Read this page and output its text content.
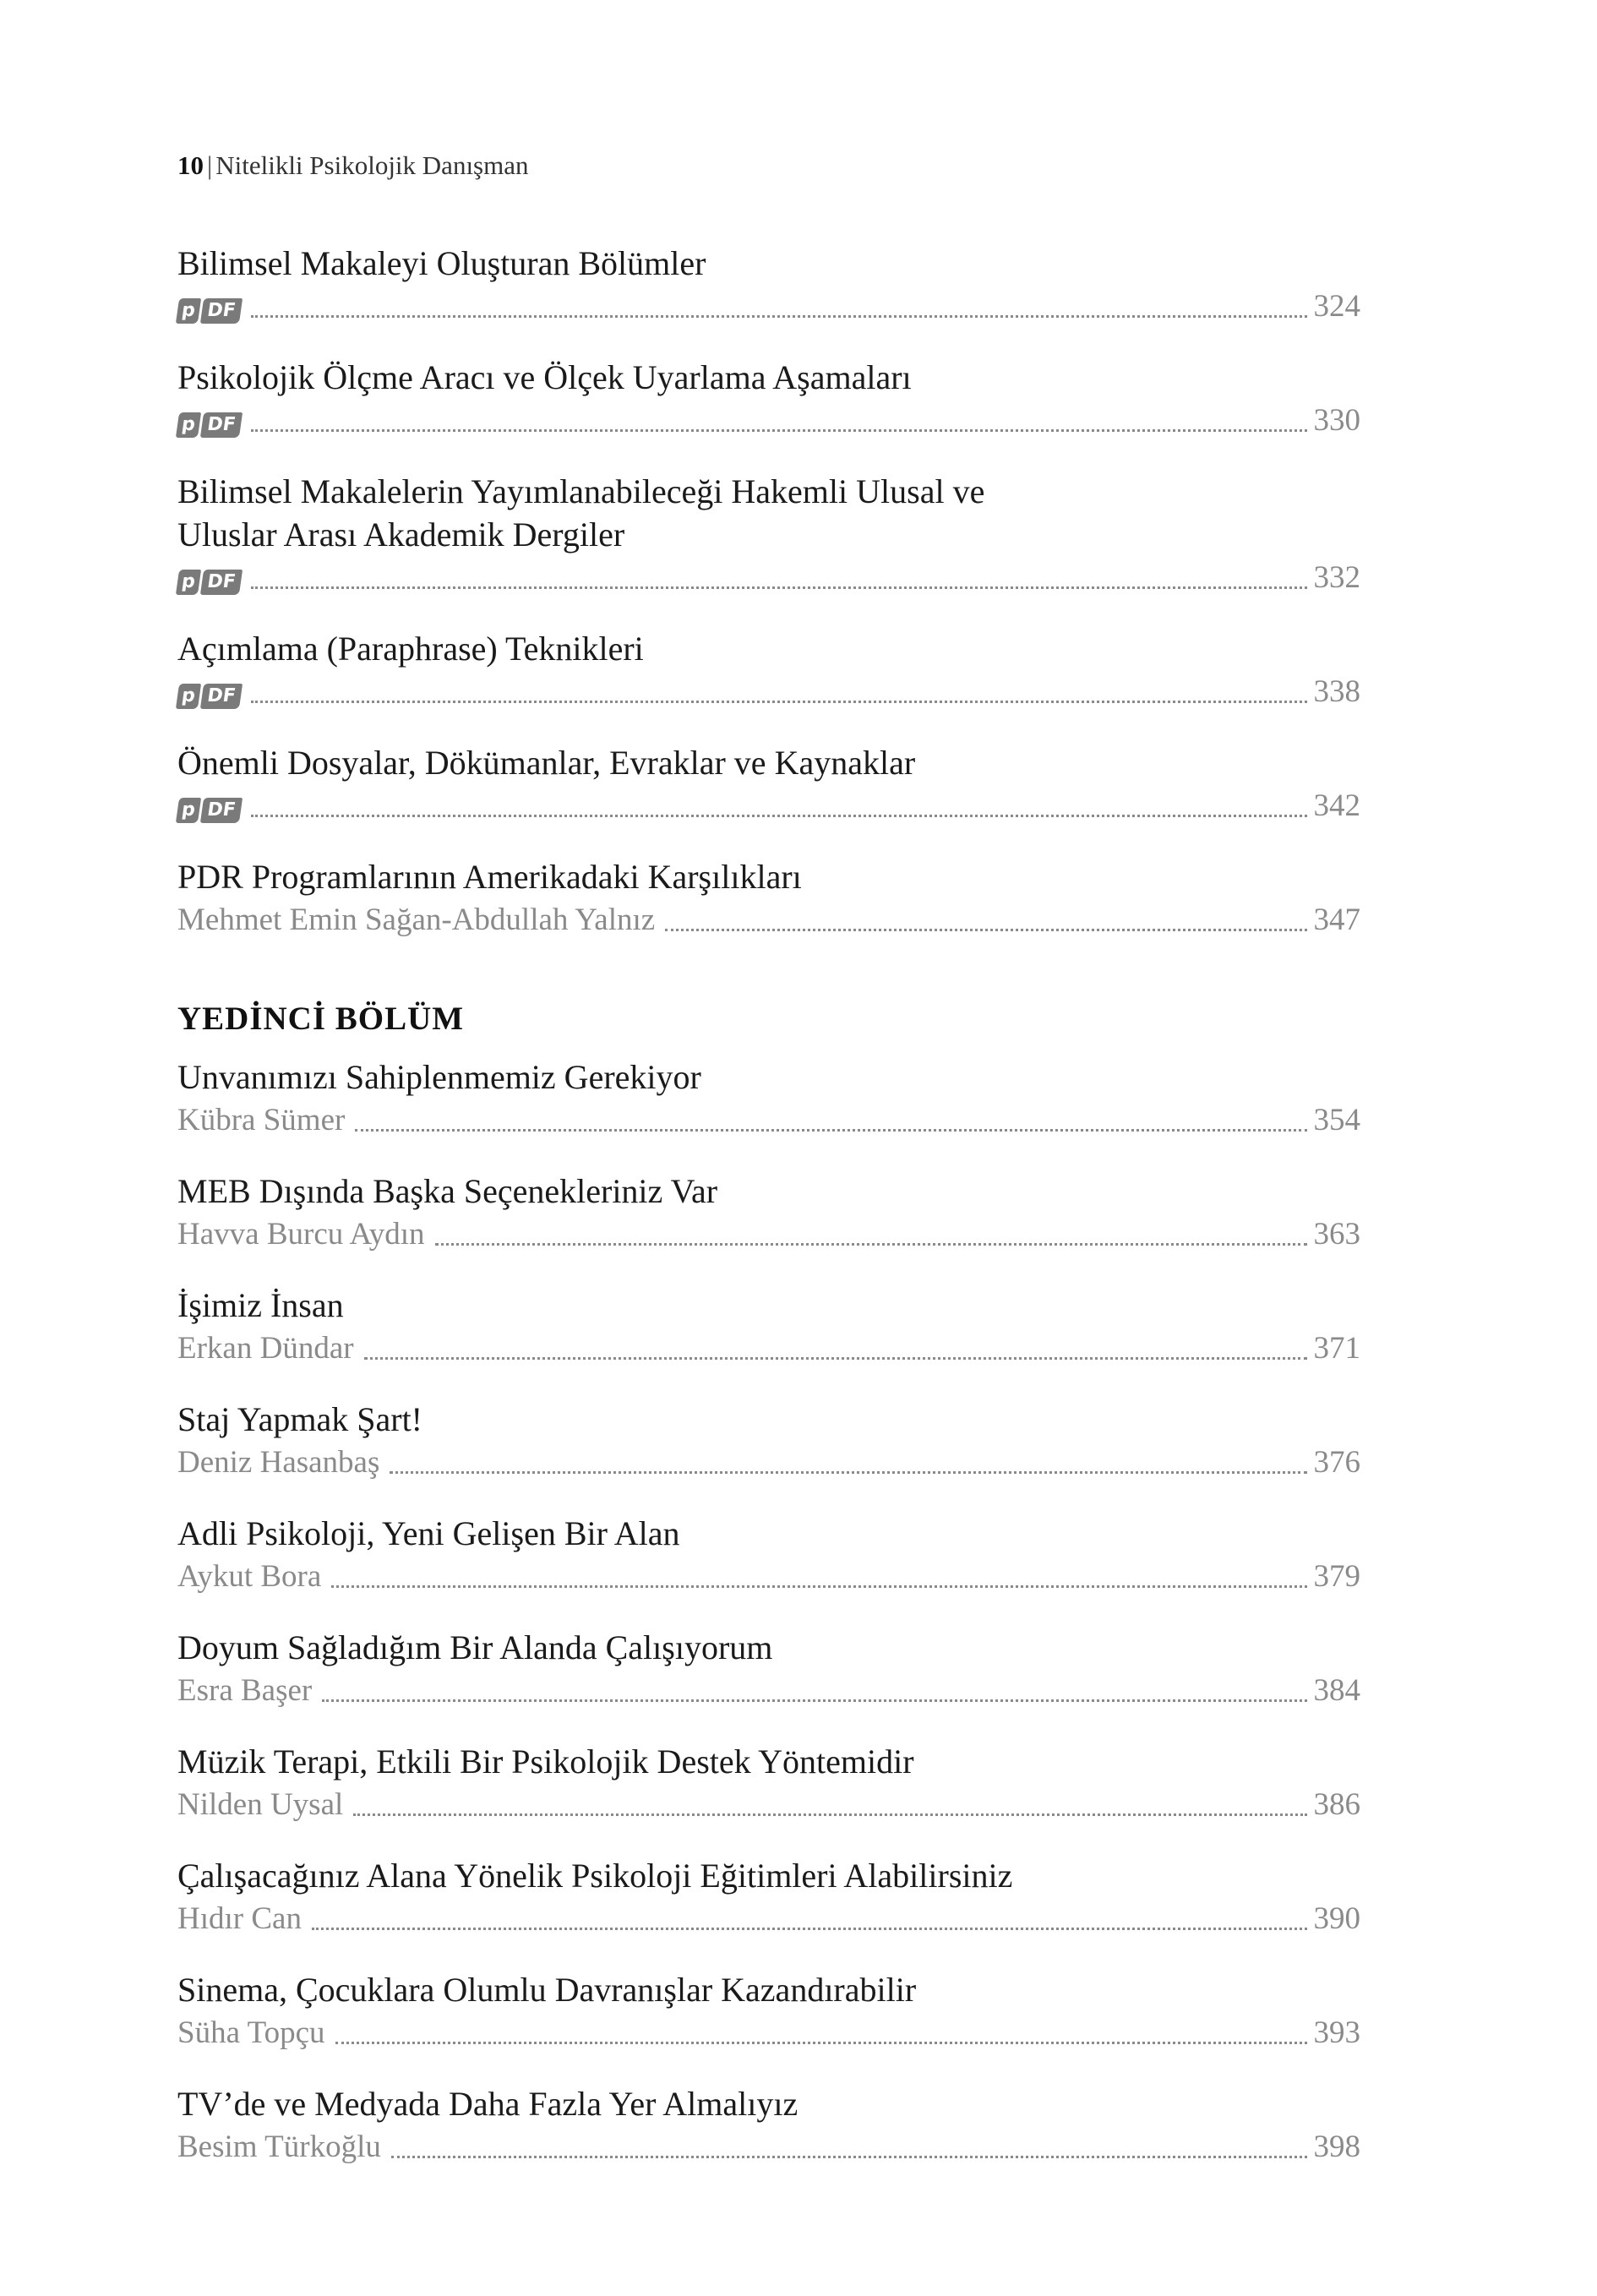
10 | Nitelikli Psikolojik Danışman
Bilimsel Makaleyi Oluşturan Bölümler
p DF	324
Psikolojik Ölçme Aracı ve Ölçek Uyarlama Aşamaları
p DF	330
Bilimsel Makalelerin Yayımlanabileceği Hakemli Ulusal ve
Uluslar Arası Akademik Dergiler
p DF	332
Açımlama (Paraphrase) Teknikleri
p DF	338
Önemli Dosyalar, Dökümanlar, Evraklar ve Kaynaklar
p DF	342
PDR Programlarının Amerikadaki Karşılıkları
Mehmet Emin Sağan-Abdullah Yalnız	347
YEDİNCİ BÖLÜM
Unvanımızı Sahiplenmemiz Gerekiyor
Kübra Sümer	354
MEB Dışında Başka Seçenekleriniz Var
Havva Burcu Aydın	363
İşimiz İnsan
Erkan Dündar	371
Staj Yapmak Şart!
Deniz Hasanbaş	376
Adli Psikoloji, Yeni Gelişen Bir Alan
Aykut Bora	379
Doyum Sağladığım Bir Alanda Çalışıyorum
Esra Başer	384
Müzik Terapi, Etkili Bir Psikolojik Destek Yöntemidir
Nilden Uysal	386
Çalışacağınız Alana Yönelik Psikoloji Eğitimleri Alabilirsiniz
Hıdır Can	390
Sinema, Çocuklara Olumlu Davranışlar Kazandırabilir
Süha Topçu	393
TV’de ve Medyada Daha Fazla Yer Almalıyız
Besim Türkoğlu	398
